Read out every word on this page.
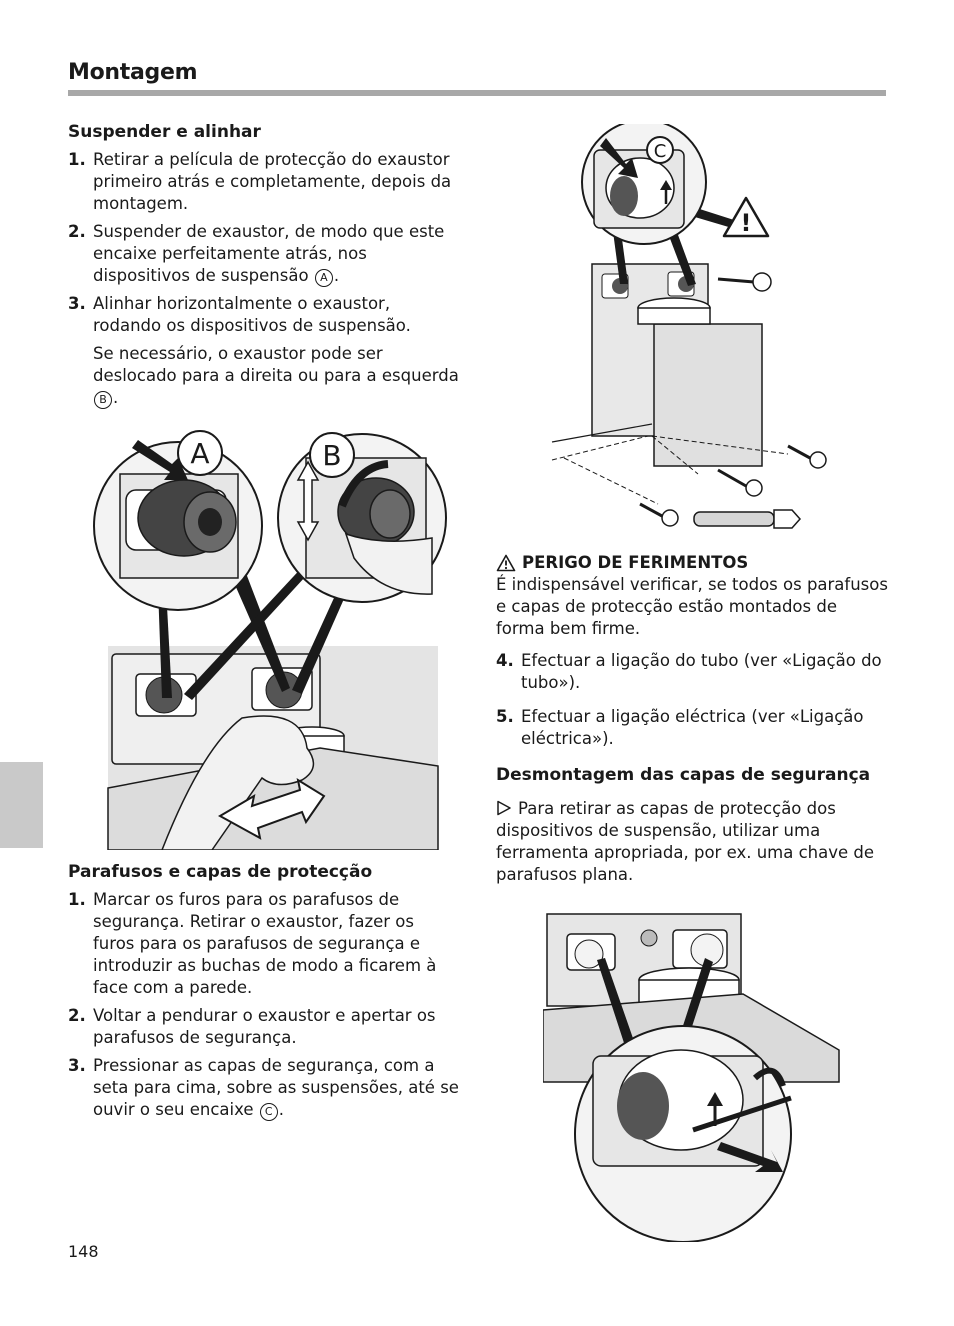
Montagem
Suspender e alinhar
1. Retirar a película de protecção do exaustor primeiro atrás e completamente, depois da montagem.
2. Suspender de exaustor, de modo que este encaixe perfeitamente atrás, nos dispositivos de suspensão A .
3. Alinhar horizontalmente o exaustor, rodando os dispositivos de suspensão.

Se necessário, o exaustor pode ser deslocado para a direita ou para a esquerda B .

Parafusos e capas de protecção
1. Marcar os furos para os parafusos de segurança. Retirar o exaustor, fazer os furos para os parafusos de segurança e introduzir as buchas de modo a ficarem à face com a parede.
2. Voltar a pendurar o exaustor e apertar os parafusos de segurança.
3. Pressionar as capas de segurança, com a seta para cima, sobre as suspensões, até se ouvir o seu encaixe C .
A	B
C
!
PERIGO DE FERIMENTOS

É indispensável verificar, se todos os parafusos e capas de protecção estão montados de forma bem firme.

4. Efectuar a ligação do tubo (ver «Ligação do tubo»).
5. Efectuar a ligação eléctrica (ver «Ligação eléctrica»).
Desmontagem das capas de segurança

Para retirar as capas de protecção dos dispositivos de suspensão, utilizar uma ferramenta apropriada, por ex. uma chave de parafusos plana.

148
